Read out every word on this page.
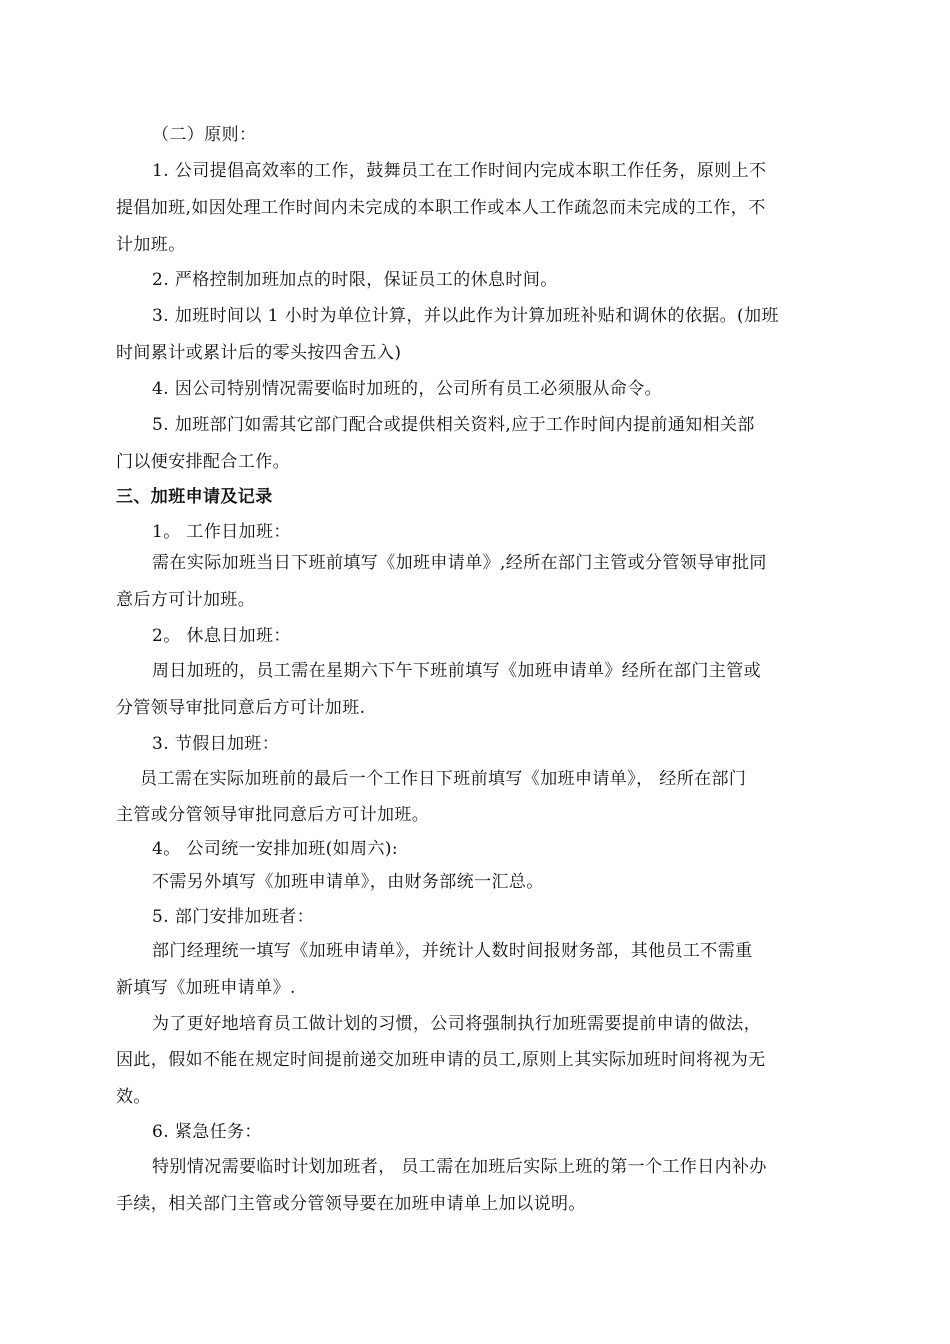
（二）原则：
1. 公司提倡高效率的工作，鼓舞员工在工作时间内完成本职工作任务，原则上不
提倡加班,如因处理工作时间内未完成的本职工作或本人工作疏忽而未完成的工作，不
计加班。
2. 严格控制加班加点的时限，保证员工的休息时间。
3. 加班时间以 1 小时为单位计算，并以此作为计算加班补贴和调休的依据。(加班
时间累计或累计后的零头按四舍五入)
4. 因公司特别情况需要临时加班的，公司所有员工必须服从命令。
5. 加班部门如需其它部门配合或提供相关资料,应于工作时间内提前通知相关部
门以便安排配合工作。
三、加班申请及记录
1。 工作日加班：
需在实际加班当日下班前填写《加班申请单》,经所在部门主管或分管领导审批同
意后方可计加班。
2。 休息日加班：
周日加班的，员工需在星期六下午下班前填写《加班申请单》经所在部门主管或
分管领导审批同意后方可计加班.
3. 节假日加班：
员工需在实际加班前的最后一个工作日下班前填写《加班申请单》， 经所在部门
主管或分管领导审批同意后方可计加班。
4。 公司统一安排加班(如周六):
不需另外填写《加班申请单》，由财务部统一汇总。
5. 部门安排加班者：
部门经理统一填写《加班申请单》，并统计人数时间报财务部，其他员工不需重
新填写《加班申请单》.
为了更好地培育员工做计划的习惯，公司将强制执行加班需要提前申请的做法，
因此，假如不能在规定时间提前递交加班申请的员工,原则上其实际加班时间将视为无
效。
6. 紧急任务：
特别情况需要临时计划加班者， 员工需在加班后实际上班的第一个工作日内补办
手续，相关部门主管或分管领导要在加班申请单上加以说明。
